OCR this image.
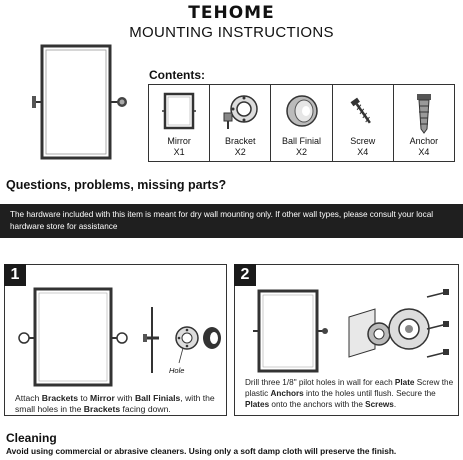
TEHOME
MOUNTING INSTRUCTIONS
Contents:
Mirror
X1
Bracket
X2
Ball Finial
X2
Screw
X4
Anchor
X4
Questions, problems, missing parts?
The hardware included with this item is meant for dry wall mounting only. If other wall types, please consult your local hardware store for assistance
1
Hole
Attach Brackets to Mirror with Ball Finials, with the small holes in the Brackets facing down.
2
Drill three 1/8" pilot holes in wall for each Plate Screw the plastic Anchors into the holes until flush. Secure the Plates onto the anchors with the Screws.
Cleaning
Avoid using commercial or abrasive cleaners. Using only a soft damp cloth will preserve the finish.
